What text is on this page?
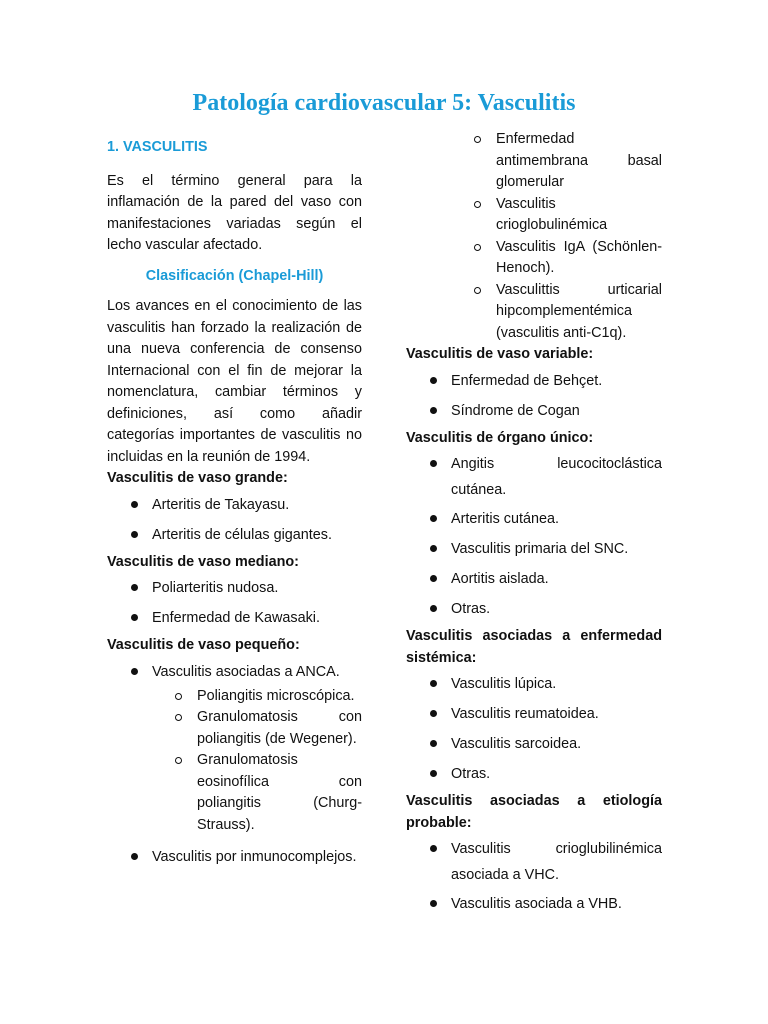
Patología cardiovascular 5: Vasculitis

1. VASCULITIS

Es el término general para la inflamación de la pared del vaso con manifestaciones variadas según el lecho vascular afectado.

Clasificación (Chapel-Hill)

Los avances en el conocimiento de las vasculitis han forzado la realización de una nueva conferencia de consenso Internacional con el fin de mejorar la nomenclatura, cambiar términos y definiciones, así como añadir categorías importantes de vasculitis no incluidas en la reunión de 1994.

Vasculitis de vaso grande:

Arteritis de Takayasu.
Arteritis de células gigantes.

Vasculitis de vaso mediano:

Poliarteritis nudosa.
Enfermedad de Kawasaki.

Vasculitis de vaso pequeño:

Vasculitis asociadas a ANCA.
Poliangitis microscópica.
Granulomatosis con poliangitis (de Wegener).
Granulomatosis eosinofílica con poliangitis (Churg-Strauss).
Vasculitis por inmunocomplejos.
Enfermedad antimembrana basal glomerular
Vasculitis crioglobulinémica
Vasculitis IgA (Schönlen-Henoch).
Vasculittis urticarial hipcomplementémica (vasculitis anti-C1q).

Vasculitis de vaso variable:

Enfermedad de Behçet.
Síndrome de Cogan

Vasculitis de órgano único:

Angitis leucocitoclástica cutánea.
Arteritis cutánea.
Vasculitis primaria del SNC.
Aortitis aislada.
Otras.

Vasculitis asociadas a enfermedad sistémica:

Vasculitis lúpica.
Vasculitis reumatoidea.
Vasculitis sarcoidea.
Otras.

Vasculitis asociadas a etiología probable:

Vasculitis crioglubilinémica asociada a VHC.
Vasculitis asociada a VHB.
